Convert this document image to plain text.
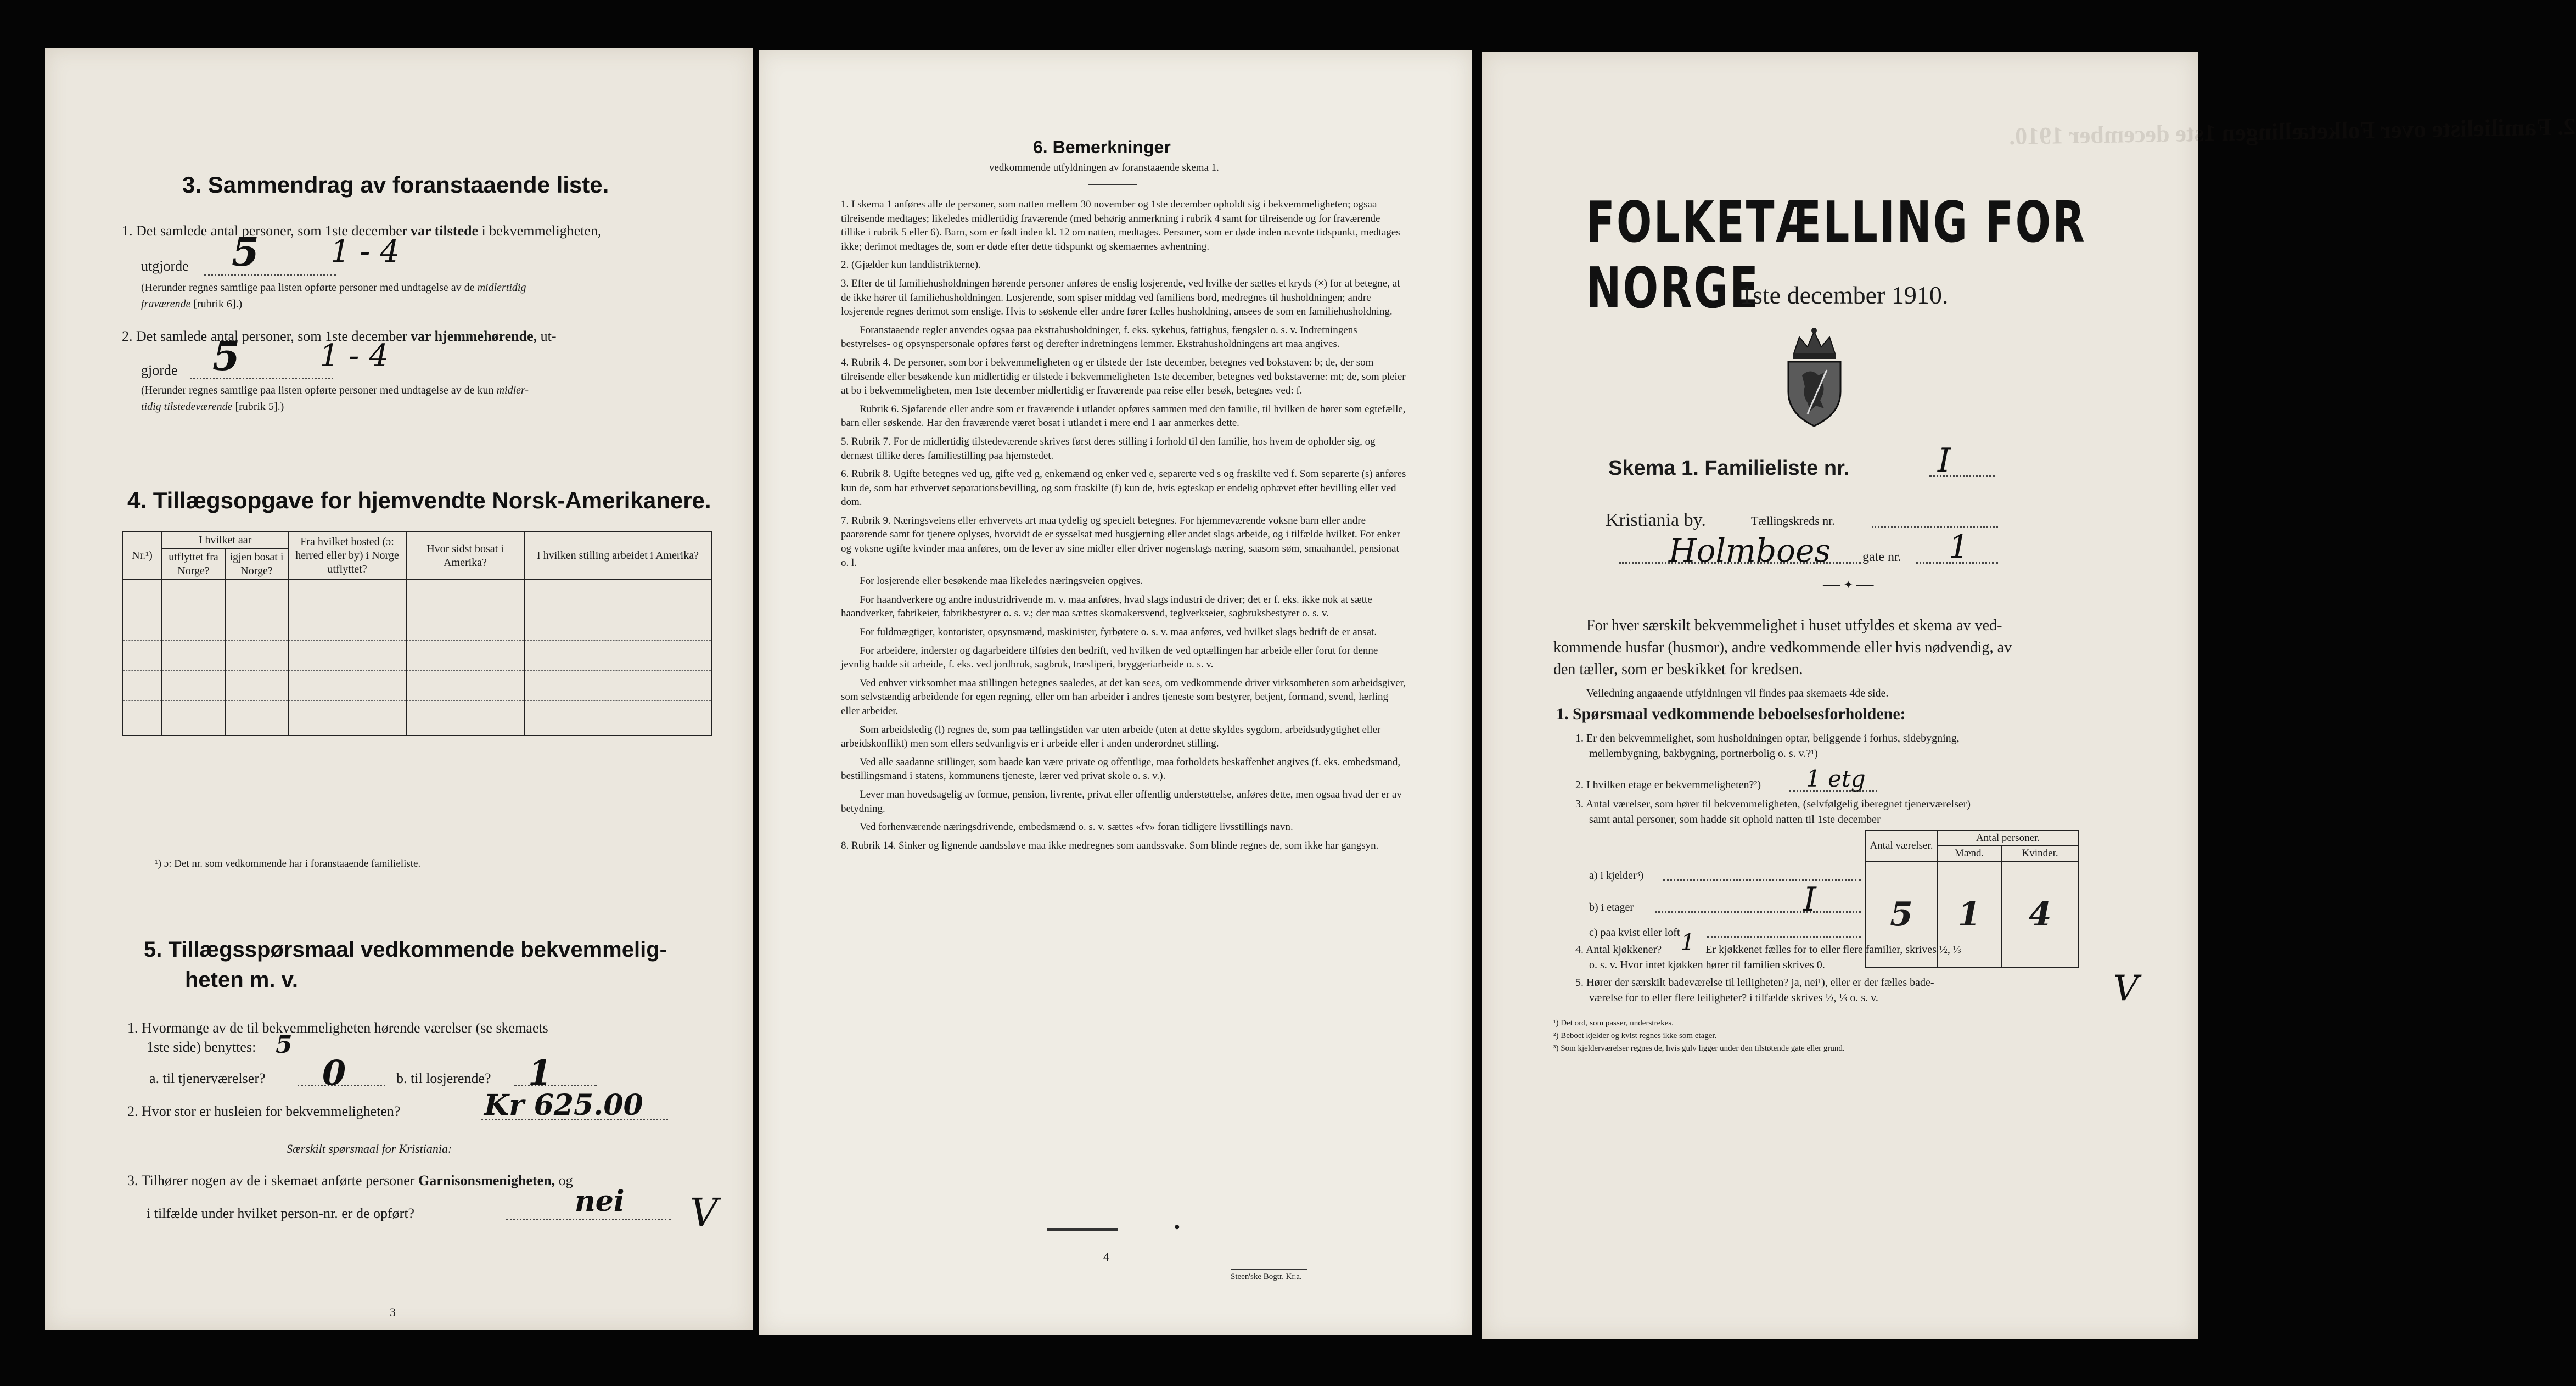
3. Sammendrag av foranstaaende liste.
1. Det samlede antal personer, som 1ste december var tilstede i bekvemmeligheten,
utgjorde 5 1 - 4
(Herunder regnes samtlige paa listen opførte personer med undtagelse av de midlertidig
fraværende [rubrik 6].)
2. Det samlede antal personer, som 1ste december var hjemmehørende, ut-
gjorde 5	1 - 4
(Herunder regnes samtlige paa listen opførte personer med undtagelse av de kun midler-
tidig tilstedeværende [rubrik 5].)
4. Tillægsopgave for hjemvendte Norsk-Amerikanere.
Nr.¹)	I hvilket aar		Fra hvilket bosted (ɔ: herred eller by) i Norge utflyttet?	Hvor sidst bosat i Amerika?	I hvilken stilling arbeidet i Amerika?
	utflyttet fra Norge?	igjen bosat i Norge?			

¹) ɔ: Det nr. som vedkommende har i foranstaaende familieliste.
5. Tillægsspørsmaal vedkommende bekvemmelig-
heten m. v.
1. Hvormange av de til bekvemmeligheten hørende værelser (se skemaets
1ste side) benyttes: 5
a. til tjenerværelser? 0	b. til losjerende? 1
2. Hvor stor er husleien for bekvemmeligheten?	Kr 625.00
Særskilt spørsmaal for Kristiania:
3. Tilhører nogen av de i skemaet anførte personer Garnisonsmenigheten, og
i tilfælde under hvilket person-nr. er de opført?	nei V
3
6. Bemerkninger
vedkommende utfyldningen av foranstaaende skema 1.

1. I skema 1 anføres alle de personer, som natten mellem 30 november og 1ste december opholdt sig i bekvemmeligheten; ogsaa tilreisende medtages; likeledes midlertidig fraværende (med behørig anmerkning i rubrik 4 samt for tilreisende og for fraværende tillike i rubrik 5 eller 6). Barn, som er født inden kl. 12 om natten, medtages. Personer, som er døde inden nævnte tidspunkt, medtages ikke; derimot medtages de, som er døde efter dette tidspunkt og skemaernes avhentning.

2. (Gjælder kun landdistrikterne).

3. Efter de til familiehusholdningen hørende personer anføres de enslig losjerende, ved hvilke der sættes et kryds (×) for at betegne, at de ikke hører til familiehusholdningen. Losjerende, som spiser middag ved familiens bord, medregnes til husholdningen; andre losjerende regnes derimot som enslige. Hvis to søskende eller andre fører fælles husholdning, ansees de som en familiehusholdning.

Foranstaaende regler anvendes ogsaa paa ekstrahusholdninger, f. eks. sykehus, fattighus, fængsler o. s. v. Indretningens bestyrelses- og opsynspersonale opføres først og derefter indretningens lemmer. Ekstrahusholdningens art maa angives.

4. Rubrik 4. De personer, som bor i bekvemmeligheten og er tilstede der 1ste december, betegnes ved bokstaven: b; de, der som tilreisende eller besøkende kun midlertidig er tilstede i bekvemmeligheten 1ste december, betegnes ved bokstaverne: mt; de, som pleier at bo i bekvemmeligheten, men 1ste december midlertidig er fraværende paa reise eller besøk, betegnes ved: f.

Rubrik 6. Sjøfarende eller andre som er fraværende i utlandet opføres sammen med den familie, til hvilken de hører som egtefælle, barn eller søskende. Har den fraværende været bosat i utlandet i mere end 1 aar anmerkes dette.

5. Rubrik 7. For de midlertidig tilstedeværende skrives først deres stilling i forhold til den familie, hos hvem de opholder sig, og dernæst tillike deres familiestilling paa hjemstedet.

6. Rubrik 8. Ugifte betegnes ved ug, gifte ved g, enkemænd og enker ved e, separerte ved s og fraskilte ved f. Som separerte (s) anføres kun de, som har erhvervet separationsbevilling, og som fraskilte (f) kun de, hvis egteskap er endelig ophævet efter bevilling eller ved dom.

7. Rubrik 9. Næringsveiens eller erhvervets art maa tydelig og specielt betegnes. For hjemmeværende voksne barn eller andre paarørende samt for tjenere oplyses, hvorvidt de er sysselsat med husgjerning eller andet slags arbeide, og i tilfælde hvilket. For enker og voksne ugifte kvinder maa anføres, om de lever av sine midler eller driver nogenslags næring, saasom søm, smaahandel, pensionat o. l.

For losjerende eller besøkende maa likeledes næringsveien opgives.

For haandverkere og andre industridrivende m. v. maa anføres, hvad slags industri de driver; det er f. eks. ikke nok at sætte haandverker, fabrikeier, fabrikbestyrer o. s. v.; der maa sættes skomakersvend, teglverkseier, sagbruksbestyrer o. s. v.

For fuldmægtiger, kontorister, opsynsmænd, maskinister, fyrbøtere o. s. v. maa anføres, ved hvilket slags bedrift de er ansat.

For arbeidere, inderster og dagarbeidere tilføies den bedrift, ved hvilken de ved optællingen har arbeide eller forut for denne jevnlig hadde sit arbeide, f. eks. ved jordbruk, sagbruk, træsliperi, bryggeriarbeide o. s. v.

Ved enhver virksomhet maa stillingen betegnes saaledes, at det kan sees, om vedkommende driver virksomheten som arbeidsgiver, som selvstændig arbeidende for egen regning, eller om han arbeider i andres tjeneste som bestyrer, betjent, formand, svend, lærling eller arbeider.

Som arbeidsledig (l) regnes de, som paa tællingstiden var uten arbeide (uten at dette skyldes sygdom, arbeidsudygtighet eller arbeidskonflikt) men som ellers sedvanligvis er i arbeide eller i anden underordnet stilling.

Ved alle saadanne stillinger, som baade kan være private og offentlige, maa forholdets beskaffenhet angives (f. eks. embedsmand, bestillingsmand i statens, kommunens tjeneste, lærer ved privat skole o. s. v.).

Lever man hovedsagelig av formue, pension, livrente, privat eller offentlig understøttelse, anføres dette, men ogsaa hvad der er av betydning.

Ved forhenværende næringsdrivende, embedsmænd o. s. v. sættes «fv» foran tidligere livsstillings navn.

8. Rubrik 14. Sinker og lignende aandssløve maa ikke medregnes som aandssvake. Som blinde regnes de, som ikke har gangsyn.

•
4
Steen'ske Bogtr. Kr.a.
2. Familieliste over Folketællingen 1ste december 1910.
FOLKETÆLLING FOR NORGE
1ste december 1910.
Skema 1. Familieliste nr.	I
Kristiania by.	Tællingskreds nr.
Holmboes gate nr. 1
⸺ ✦ ⸺
For hver særskilt bekvemmelighet i huset utfyldes et skema av ved-
kommende husfar (husmor), andre vedkommende eller hvis nødvendig, av
den tæller, som er beskikket for kredsen.
Veiledning angaaende utfyldningen vil findes paa skemaets 4de side.
1. Spørsmaal vedkommende beboelsesforholdene:
1. Er den bekvemmelighet, som husholdningen optar, beliggende i forhus, sidebygning,
mellembygning, bakbygning, portnerbolig o. s. v.?¹)
2. I hvilken etage er bekvemmeligheten?²) 1 etg
3. Antal værelser, som hører til bekvemmeligheten, (selvfølgelig iberegnet tjenerværelser)
samt antal personer, som hadde sit ophold natten til 1ste december
Antal værelser.	Antal personer.	
	Mænd.	Kvinder.

5	1	4

a) i kjelder³)
b) i etager	I
c) paa kvist eller loft
4. Antal kjøkkener?	Er kjøkkenet fælles for to eller flere familier, skrives ½, ⅓
1
o. s. v. Hvor intet kjøkken hører til familien skrives 0.
5. Hører der særskilt badeværelse til leiligheten? ja, nei¹), eller er der fælles bade-
værelse for to eller flere leiligheter? i tilfælde skrives ½, ⅓ o. s. v.	V
¹) Det ord, som passer, understrekes.
²) Beboet kjelder og kvist regnes ikke som etager.
³) Som kjelderværelser regnes de, hvis gulv ligger under den tilstøtende gate eller grund.
